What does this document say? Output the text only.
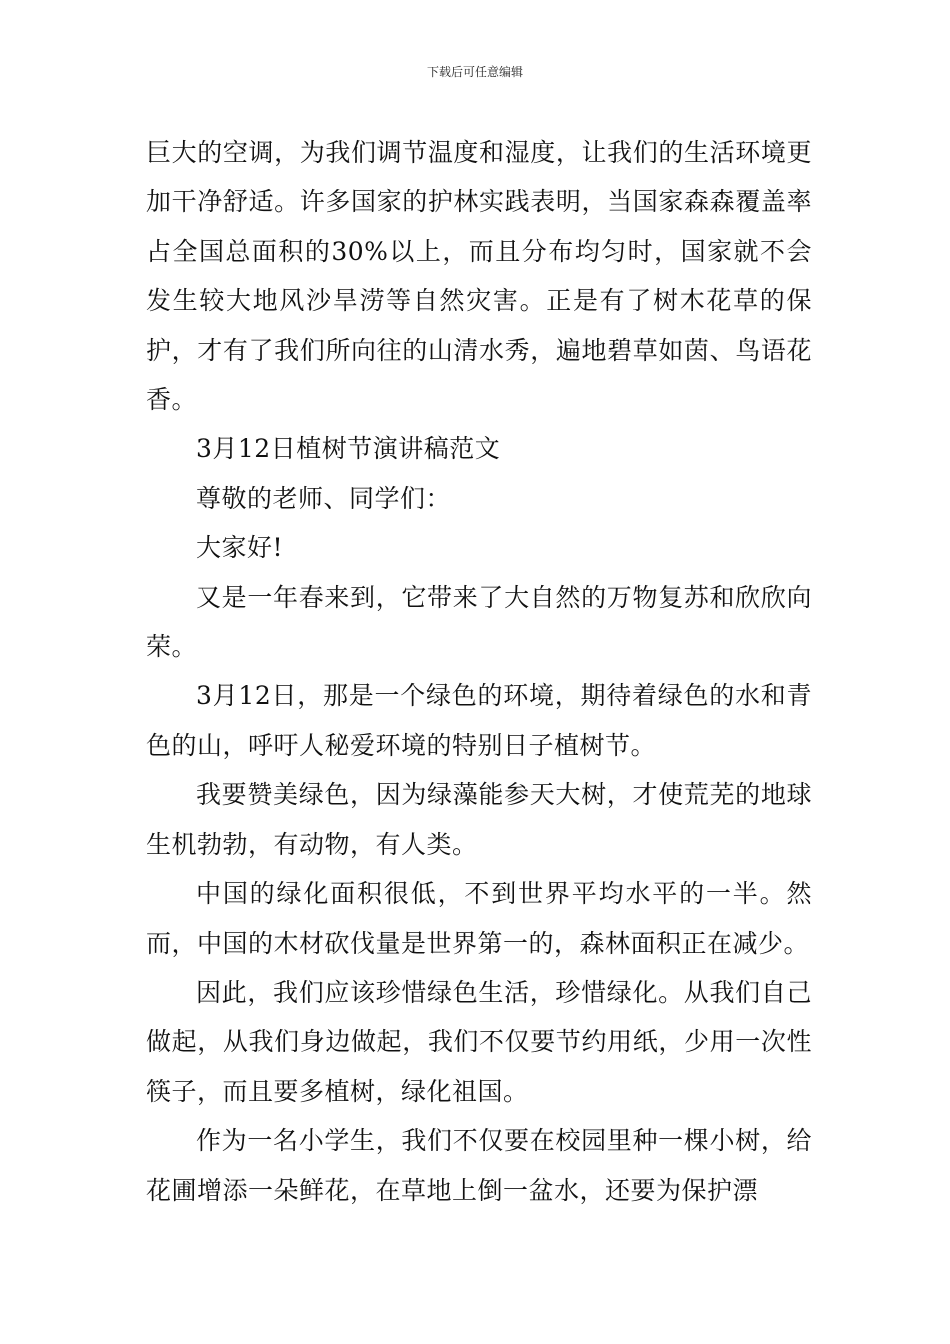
下载后可任意编辑

巨大的空调，为我们调节温度和湿度，让我们的生活环境更加干净舒适。许多国家的护林实践表明，当国家森森覆盖率占全国总面积的30%以上，而且分布均匀时，国家就不会发生较大地风沙旱涝等自然灾害。正是有了树木花草的保护，才有了我们所向往的山清水秀，遍地碧草如茵、鸟语花香。

3月12日植树节演讲稿范文

尊敬的老师、同学们：

大家好!

又是一年春来到，它带来了大自然的万物复苏和欣欣向荣。

3月12日，那是一个绿色的环境，期待着绿色的水和青色的山，呼吁人秘爱环境的特别日子植树节。

我要赞美绿色，因为绿藻能参天大树，才使荒芜的地球生机勃勃，有动物，有人类。

中国的绿化面积很低，不到世界平均水平的一半。然而，中国的木材砍伐量是世界第一的，森林面积正在减少。

因此，我们应该珍惜绿色生活，珍惜绿化。从我们自己做起，从我们身边做起，我们不仅要节约用纸，少用一次性筷子，而且要多植树，绿化祖国。

作为一名小学生，我们不仅要在校园里种一棵小树，给花圃增添一朵鲜花，在草地上倒一盆水，还要为保护漂
